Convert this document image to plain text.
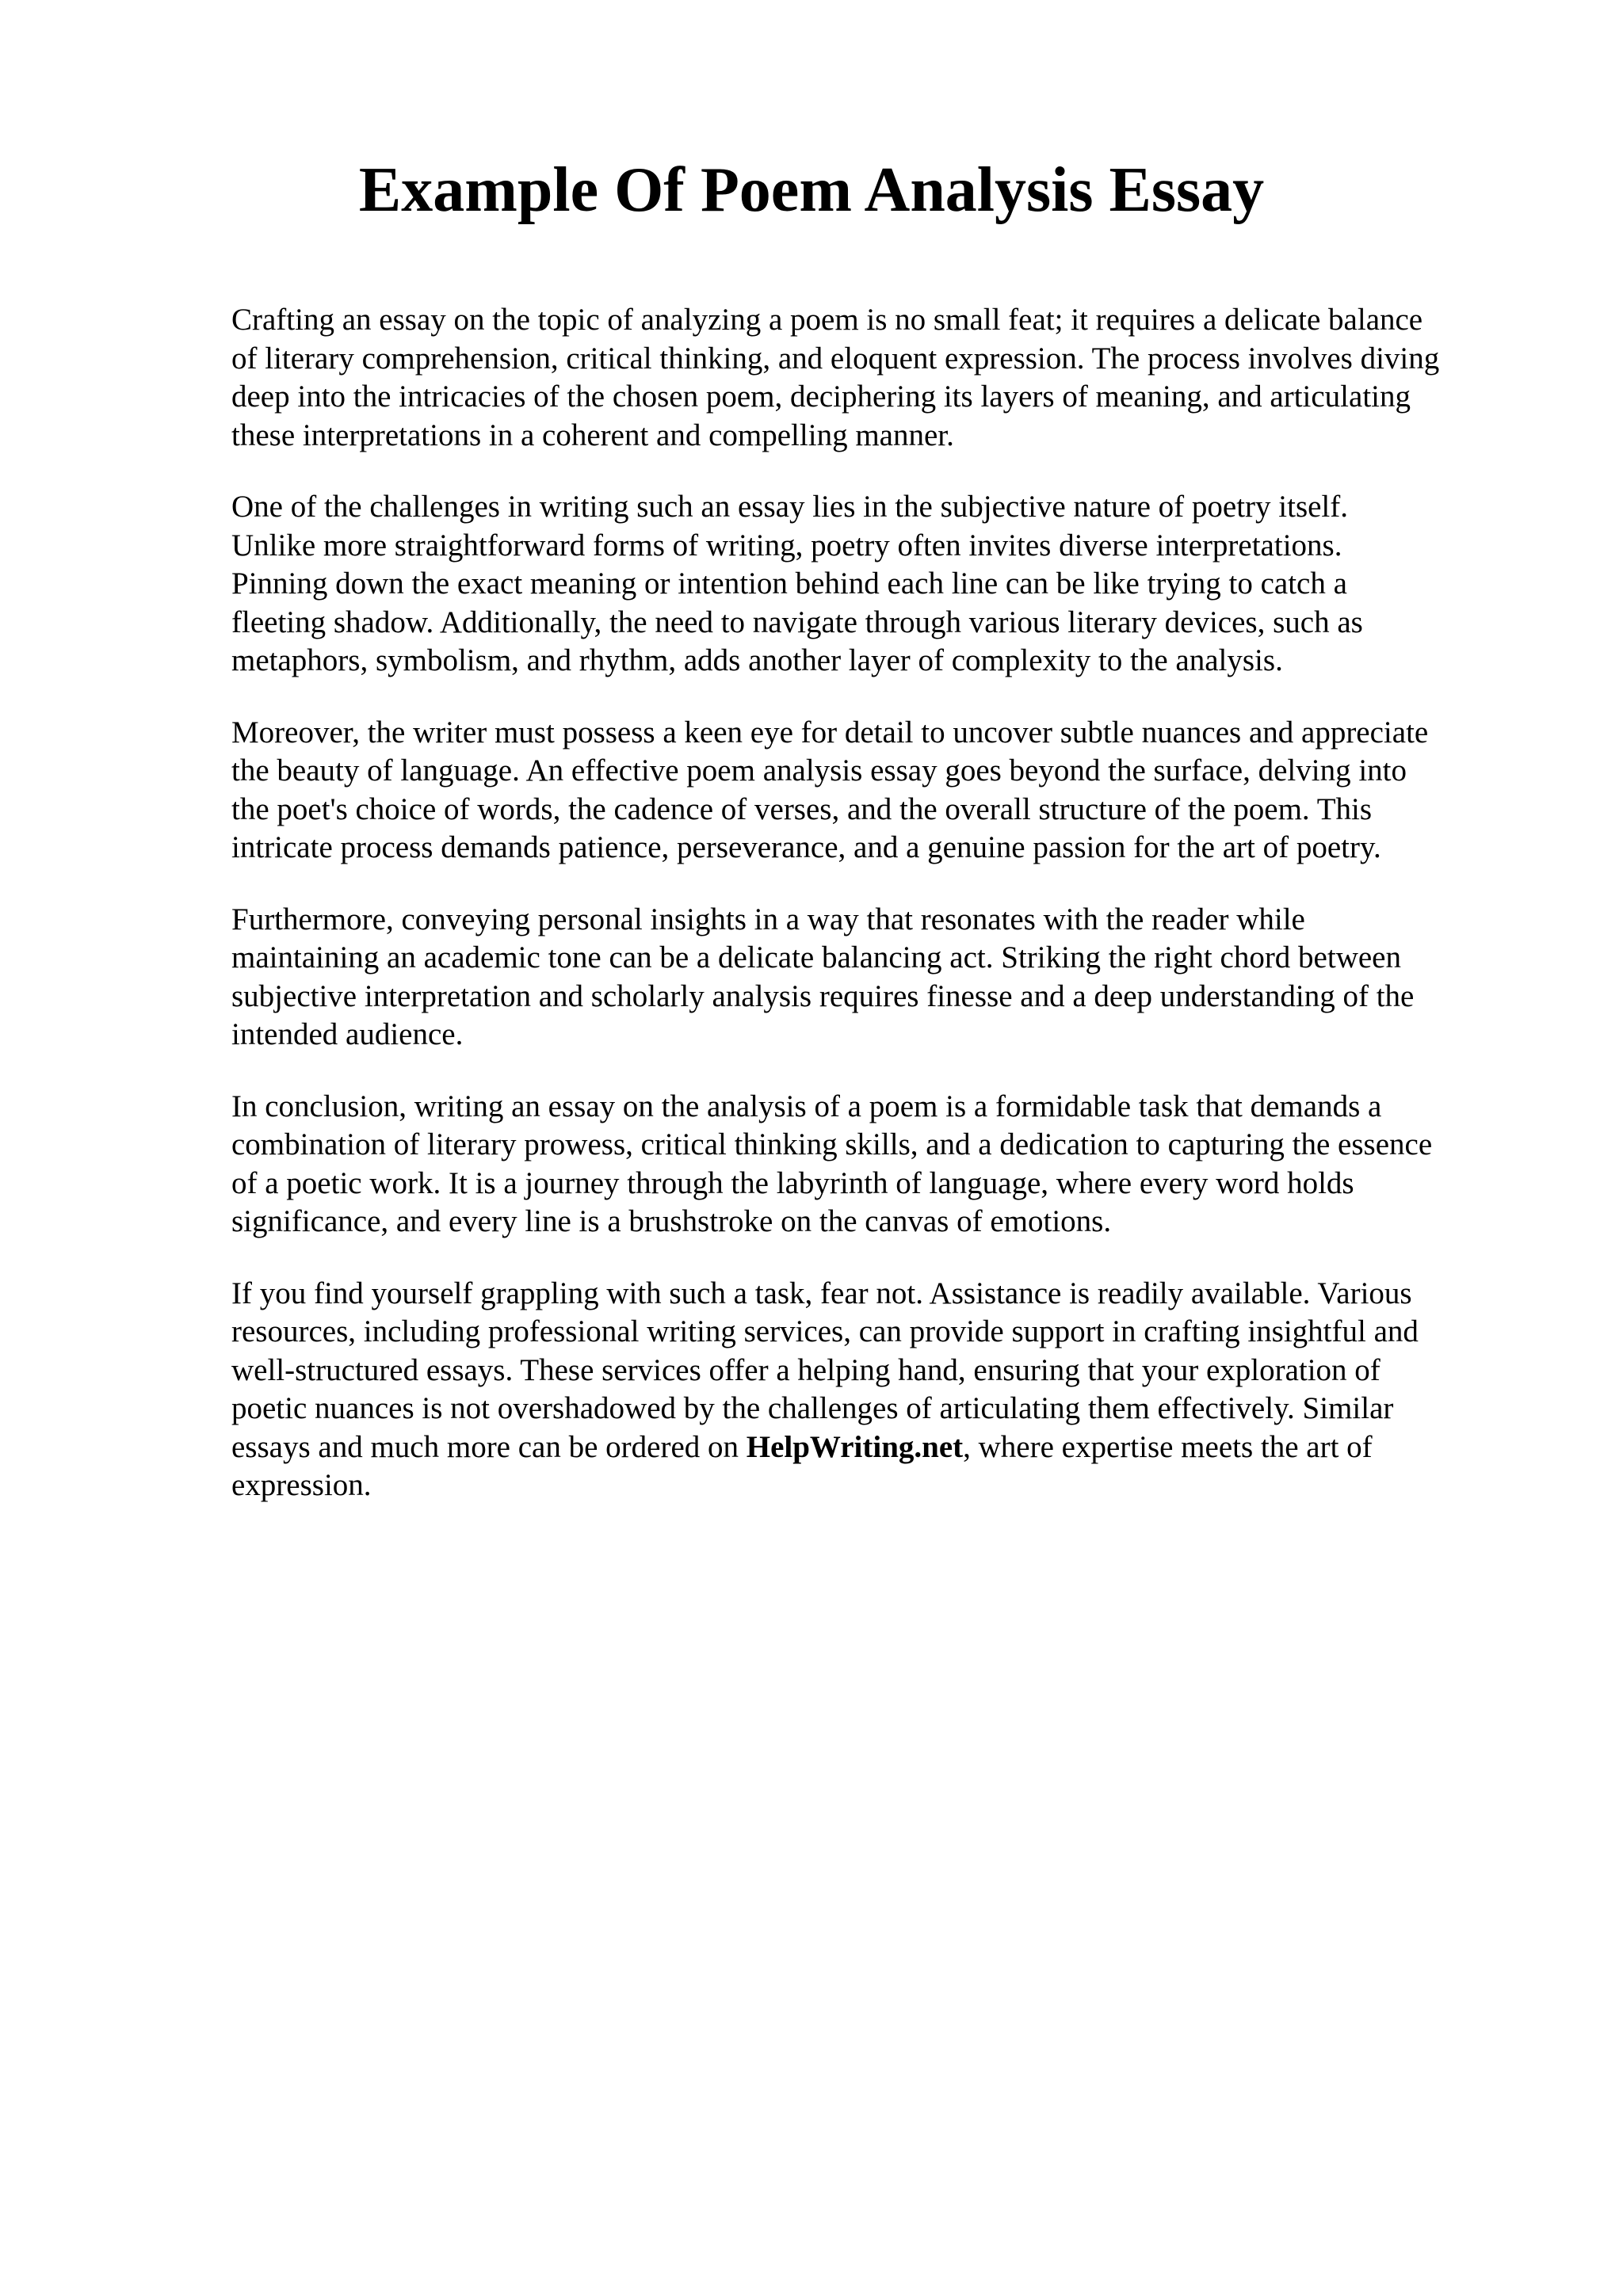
Example Of Poem Analysis Essay

Crafting an essay on the topic of analyzing a poem is no small feat; it requires a delicate balance
of literary comprehension, critical thinking, and eloquent expression. The process involves diving
deep into the intricacies of the chosen poem, deciphering its layers of meaning, and articulating
these interpretations in a coherent and compelling manner.

One of the challenges in writing such an essay lies in the subjective nature of poetry itself.
Unlike more straightforward forms of writing, poetry often invites diverse interpretations.
Pinning down the exact meaning or intention behind each line can be like trying to catch a
fleeting shadow. Additionally, the need to navigate through various literary devices, such as
metaphors, symbolism, and rhythm, adds another layer of complexity to the analysis.

Moreover, the writer must possess a keen eye for detail to uncover subtle nuances and appreciate
the beauty of language. An effective poem analysis essay goes beyond the surface, delving into
the poet's choice of words, the cadence of verses, and the overall structure of the poem. This
intricate process demands patience, perseverance, and a genuine passion for the art of poetry.

Furthermore, conveying personal insights in a way that resonates with the reader while
maintaining an academic tone can be a delicate balancing act. Striking the right chord between
subjective interpretation and scholarly analysis requires finesse and a deep understanding of the
intended audience.

In conclusion, writing an essay on the analysis of a poem is a formidable task that demands a
combination of literary prowess, critical thinking skills, and a dedication to capturing the essence
of a poetic work. It is a journey through the labyrinth of language, where every word holds
significance, and every line is a brushstroke on the canvas of emotions.

If you find yourself grappling with such a task, fear not. Assistance is readily available. Various
resources, including professional writing services, can provide support in crafting insightful and
well-structured essays. These services offer a helping hand, ensuring that your exploration of
poetic nuances is not overshadowed by the challenges of articulating them effectively. Similar
essays and much more can be ordered on HelpWriting.net, where expertise meets the art of
expression.
